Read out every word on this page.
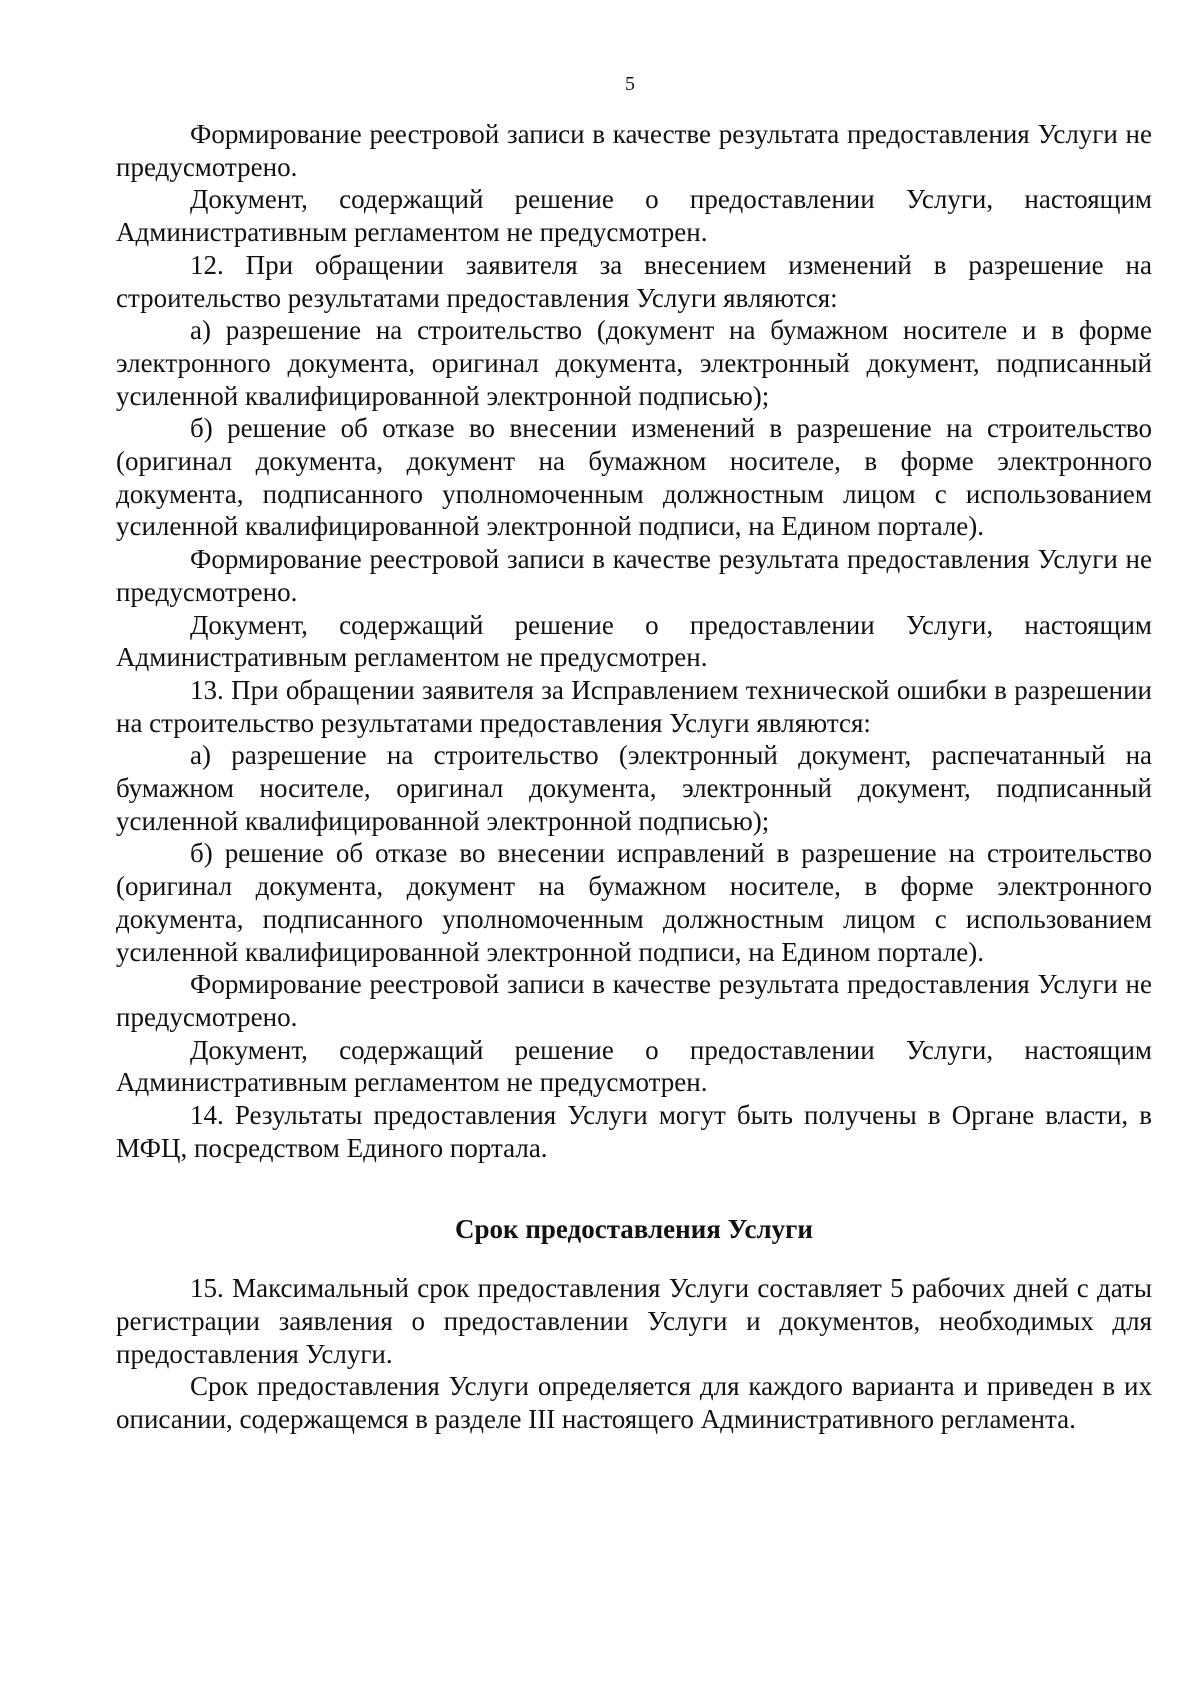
5

Формирование реестровой записи в качестве результата предоставления Услуги не предусмотрено.

Документ, содержащий решение о предоставлении Услуги, настоящим Административным регламентом не предусмотрен.

12. При обращении заявителя за внесением изменений в разрешение на строительство результатами предоставления Услуги являются:

а) разрешение на строительство (документ на бумажном носителе и в форме электронного документа, оригинал документа, электронный документ, подписанный усиленной квалифицированной электронной подписью);

б) решение об отказе во внесении изменений в разрешение на строительство (оригинал документа, документ на бумажном носителе, в форме электронного документа, подписанного уполномоченным должностным лицом с использованием усиленной квалифицированной электронной подписи, на Едином портале).

Формирование реестровой записи в качестве результата предоставления Услуги не предусмотрено.

Документ, содержащий решение о предоставлении Услуги, настоящим Административным регламентом не предусмотрен.

13. При обращении заявителя за Исправлением технической ошибки в разрешении на строительство результатами предоставления Услуги являются:

а) разрешение на строительство (электронный документ, распечатанный на бумажном носителе, оригинал документа, электронный документ, подписанный усиленной квалифицированной электронной подписью);

б) решение об отказе во внесении исправлений в разрешение на строительство (оригинал документа, документ на бумажном носителе, в форме электронного документа, подписанного уполномоченным должностным лицом с использованием усиленной квалифицированной электронной подписи, на Едином портале).

Формирование реестровой записи в качестве результата предоставления Услуги не предусмотрено.

Документ, содержащий решение о предоставлении Услуги, настоящим Административным регламентом не предусмотрен.

14. Результаты предоставления Услуги могут быть получены в Органе власти, в МФЦ, посредством Единого портала.

Срок предоставления Услуги

15. Максимальный срок предоставления Услуги составляет 5 рабочих дней с даты регистрации заявления о предоставлении Услуги и документов, необходимых для предоставления Услуги.

Срок предоставления Услуги определяется для каждого варианта и приведен в их описании, содержащемся в разделе III настоящего Административного регламента.
